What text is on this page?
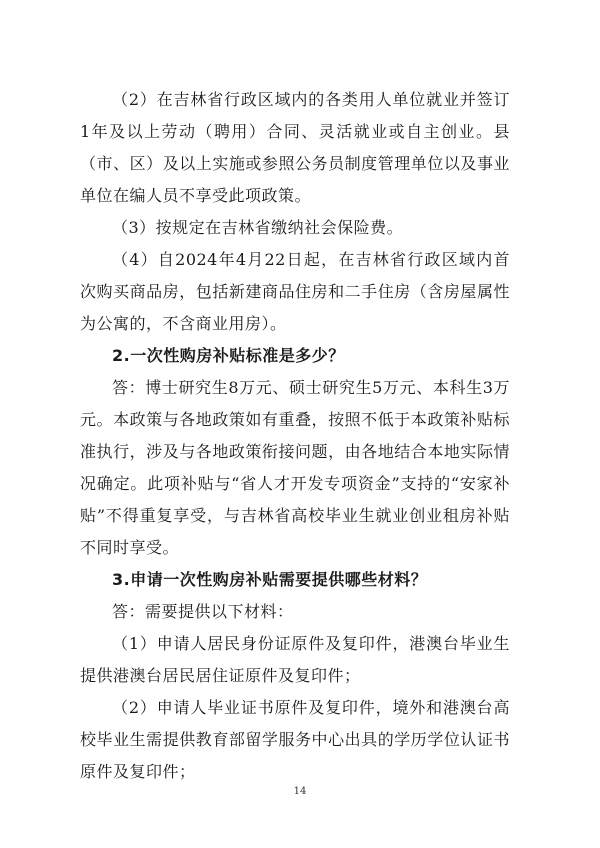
（2）在吉林省行政区域内的各类用人单位就业并签订1年及以上劳动（聘用）合同、灵活就业或自主创业。县（市、区）及以上实施或参照公务员制度管理单位以及事业单位在编人员不享受此项政策。

（3）按规定在吉林省缴纳社会保险费。

（4）自2024年4月22日起，在吉林省行政区域内首次购买商品房，包括新建商品住房和二手住房（含房屋属性为公寓的，不含商业用房）。

2.一次性购房补贴标准是多少？

答：博士研究生8万元、硕士研究生5万元、本科生3万元。本政策与各地政策如有重叠，按照不低于本政策补贴标准执行，涉及与各地政策衔接问题，由各地结合本地实际情况确定。此项补贴与“省人才开发专项资金”支持的“安家补贴”不得重复享受，与吉林省高校毕业生就业创业租房补贴不同时享受。

3.申请一次性购房补贴需要提供哪些材料？

答：需要提供以下材料：

（1）申请人居民身份证原件及复印件，港澳台毕业生提供港澳台居民居住证原件及复印件；

（2）申请人毕业证书原件及复印件，境外和港澳台高校毕业生需提供教育部留学服务中心出具的学历学位认证书原件及复印件；

14
